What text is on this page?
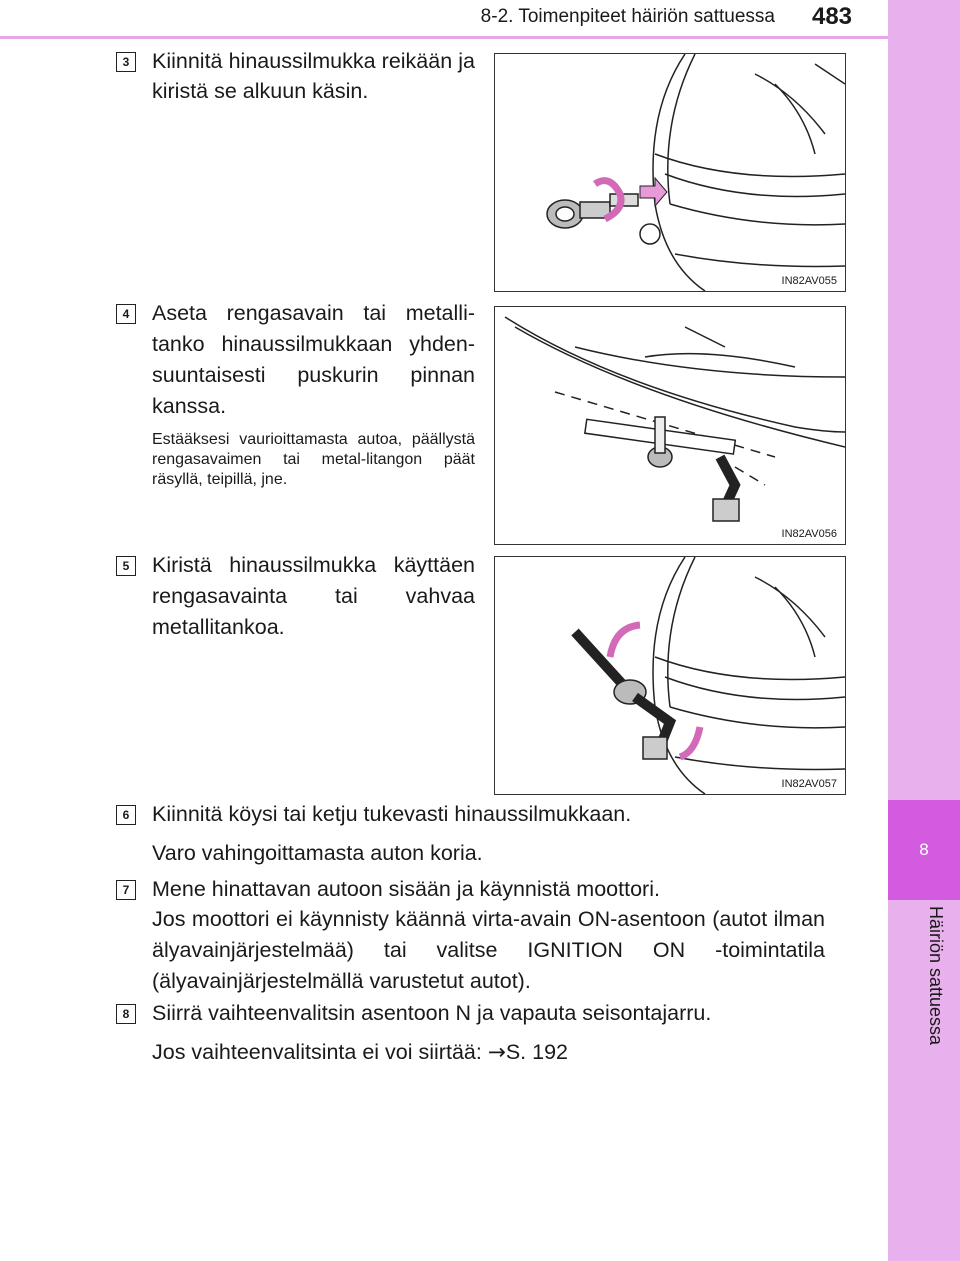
8-2. Toimenpiteet häiriön sattuessa	483
8
Häiriön sattuessa
3	Kiinnitä hinaussilmukka reikään ja kiristä se alkuun käsin.
IN82AV055
4	Aseta rengasavain tai metalli-tanko hinaussilmukkaan yhden-suuntaisesti puskurin pinnan kanssa.
Estääksesi vaurioittamasta autoa, päällystä rengasavaimen tai metal-litangon päät räsyllä, teipillä, jne.
IN82AV056
5	Kiristä hinaussilmukka käyttäen rengasavainta tai vahvaa metallitankoa.
IN82AV057
6	Kiinnitä köysi tai ketju tukevasti hinaussilmukkaan.
Varo vahingoittamasta auton koria.
7	Mene hinattavan autoon sisään ja käynnistä moottori.
Jos moottori ei käynnisty käännä virta-avain ON-asentoon (autot ilman älyavainjärjestelmää) tai valitse IGNITION ON -toimintatila (älyavainjärjestelmällä varustetut autot).
8	Siirrä vaihteenvalitsin asentoon N ja vapauta seisontajarru.
Jos vaihteenvalitsinta ei voi siirtää: →S. 192
